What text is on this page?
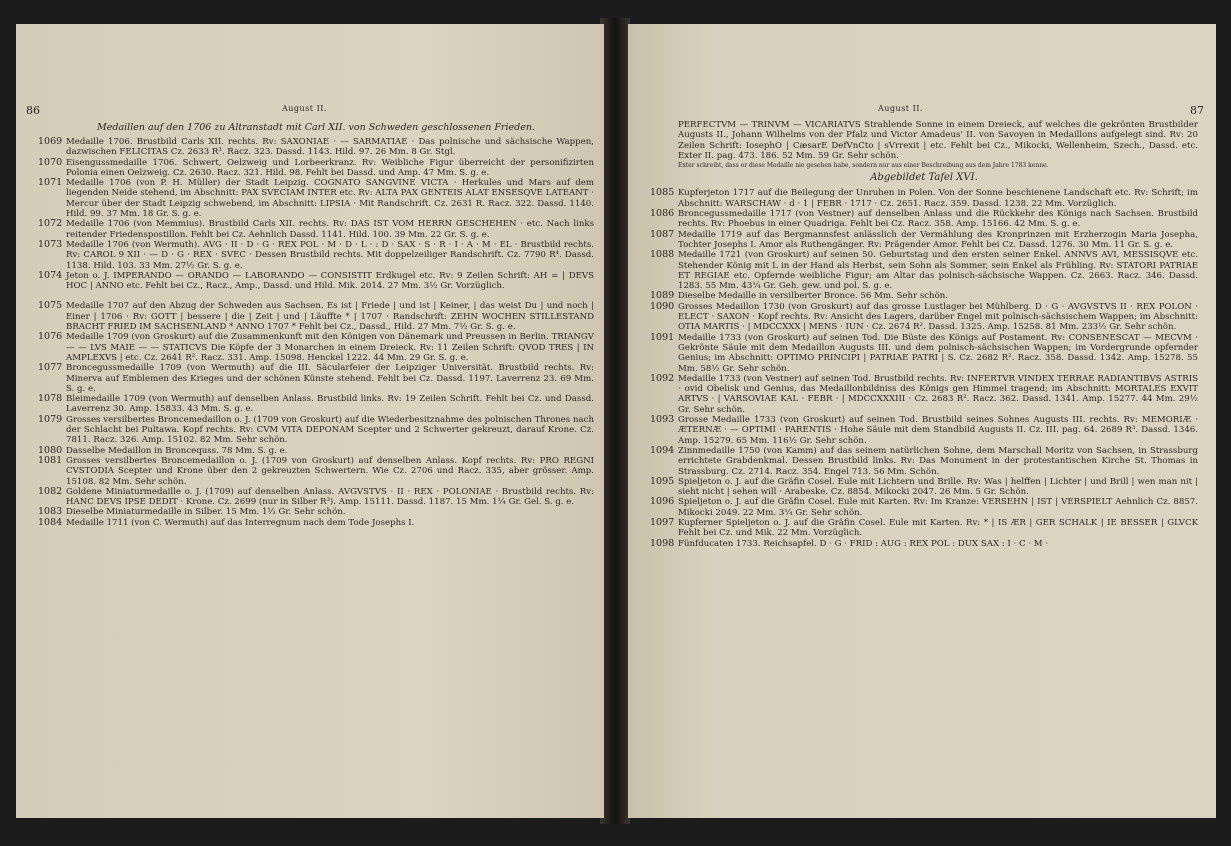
86	August II.
Medaillen auf den 1706 zu Altranstadt mit Carl XII. von Schweden geschlossenen Frieden.

1069 Medaille 1706. Brustbild Carls XII. rechts. Rv: SAXONIAE · — SARMATIAE · Das polnische und sächsische Wappen, dazwischen FELICITAS Cz. 2633 R³. Racz. 323. Dassd. 1143. Hild. 97. 26 Mm. 8 Gr. Stgl.

1070 Eisengussmedaille 1706. Schwert, Oelzweig und Lorbeerkranz. Rv: Weibliche Figur überreicht der personifizirten Polonia einen Oelzweig. Cz. 2630. Racz. 321. Hild. 98. Fehlt bei Dassd. und Amp. 47 Mm. S. g. e.

1071 Medaille 1706 (von P. H. Müller) der Stadt Leipzig. COGNATO SANGVINE VICTA · Herkules und Mars auf dem liegenden Neide stehend, im Abschnitt: PAX SVECIAM INTER etc. Rv: ALTA PAX GENTEIS ALAT ENSESQVE LATEANT · Mercur über der Stadt Leipzig schwebend, im Abschnitt: LIPSIA · Mit Randschrift. Cz. 2631 R. Racz. 322. Dassd. 1140. Hild. 99. 37 Mm. 18 Gr. S. g. e.

1072 Medaille 1706 (von Memmius). Brustbild Carls XII. rechts. Rv: DAS IST VOM HERRN GESCHEHEN · etc. Nach links reitender Friedenspostillon. Fehlt bei Cz. Aehnlich Dassd. 1141. Hild. 100. 39 Mm. 22 Gr. S. g. e.

1073 Medaille 1706 (von Wermuth). AVG · II · D · G · REX POL · M · D · L · : D · SAX · S · R · I · A · M · EL · Brustbild rechts. Rv: CAROL 9 XII · — D · G · REX · SVEC · Dessen Brustbild rechts. Mit doppelzeiliger Randschrift. Cz. 7790 R⁴. Dassd. 1138. Hild. 103. 33 Mm. 27½ Gr. S. g. e.

1074 Jeton o. J. IMPERANDO — ORANDO — LABORANDO — CONSISTIT Erdkugel etc. Rv: 9 Zeilen Schrift: AH = | DEVS HOC | ANNO etc. Fehlt bei Cz., Racz., Amp., Dassd. und Hild. Mik. 2014. 27 Mm. 3½ Gr. Vorzüglich.

1075 Medaille 1707 auf den Abzug der Schweden aus Sachsen. Es ist | Friede | und ist | Keiner, | das weist Du | und noch | Einer | 1706 · Rv: GOTT | bessere | die | Zeit | und | Läuffte * | 1707 · Randschrift: ZEHN WOCHEN STILLESTAND BRACHT FRIED IM SACHSENLAND * ANNO 1707 * Fehlt bei Cz., Dassd., Hild. 27 Mm. 7½ Gr. S. g. e.

1076 Medaille 1709 (von Groskurt) auf die Zusammenkunft mit den Königen von Dänemark und Preussen in Berlin. TRIANGV — — LVS MAIE — — STATICVS Die Köpfe der 3 Monarchen in einem Dreieck. Rv: 11 Zeilen Schrift: QVOD TRES | IN AMPLEXVS | etc. Cz. 2641 R². Racz. 331. Amp. 15098. Henckel 1222. 44 Mm. 29 Gr. S. g. e.

1077 Broncegussmedaille 1709 (von Wermuth) auf die III. Säcularfeier der Leipziger Universität. Brustbild rechts. Rv: Minerva auf Emblemen des Krieges und der schönen Künste stehend. Fehlt bei Cz. Dassd. 1197. Laverrenz 23. 69 Mm. S. g. e.

1078 Bleimedaille 1709 (von Wermuth) auf denselben Anlass. Brustbild links. Rv: 19 Zeilen Schrift. Fehlt bei Cz. und Dassd. Laverrenz 30. Amp. 15833. 43 Mm. S. g. e.

1079 Grosses versilbertes Broncemedaillon o. J. (1709 von Groskurt) auf die Wiederbesitznahme des polnischen Thrones nach der Schlacht bei Pultawa. Kopf rechts. Rv: CVM VITA DEPONAM Scepter und 2 Schwerter gekreuzt, darauf Krone. Cz. 7811. Racz. 326. Amp. 15102. 82 Mm. Sehr schön.

1080 Dasselbe Medaillon in Broncequss. 78 Mm. S. g. e.

1081 Grosses versilbertes Broncemedaillon o. J. (1709 von Groskurt) auf denselben Anlass. Kopf rechts. Rv: PRO REGNI CVSTODIA Scepter und Krone über den 2 gekreuzten Schwertern. Wie Cz. 2706 und Racz. 335, aber grösser. Amp. 15108. 82 Mm. Sehr schön.

1082 Goldene Miniaturmedaille o. J. (1709) auf denselben Anlass. AVGVSTVS · II · REX · POLONIAE · Brustbild rechts. Rv: HANC DEVS IPSE DEDIT · Krone. Cz. 2699 (nur in Silber R³). Amp. 15111. Dassd. 1187. 15 Mm. 1¼ Gr. Gel. S. g. e.

1083 Dieselbe Miniaturmedaille in Silber. 15 Mm. 1⅓ Gr. Sehr schön.

1084 Medaille 1711 (von C. Wermuth) auf das Interregnum nach dem Tode Josephs I.

87
August II.

PERFECTVM — TRINVM — VICARIATVS Strahlende Sonne in einem Dreieck, auf welches die gekrönten Brustbilder Augusts II., Johann Wilhelms von der Pfalz und Victor Amadeus' II. von Savoyen in Medaillons aufgelegt sind. Rv: 20 Zeilen Schrift: IosephO | CæsarE DefVnCto | sVrrexit | etc. Fehlt bei Cz., Mikocki, Wellenheim, Szech., Dassd. etc. Exter II. pag. 473. 186. 52 Mm. 59 Gr. Sehr schön.

Exter schreibt, dass er diese Medaille nie gesehen habe, sondern nur aus einer Beschreibung aus dem Jahre 1783 kenne.
Abgebildet Tafel XVI.

1085 Kupferjeton 1717 auf die Beilegung der Unruhen in Polen. Von der Sonne beschienene Landschaft etc. Rv: Schrift; im Abschnitt: WARSCHAW · d · 1 | FEBR · 1717 · Cz. 2651. Racz. 359. Dassd. 1238. 22 Mm. Vorzüglich.

1086 Broncegussmedaille 1717 (von Vestner) auf denselben Anlass und die Rückkehr des Königs nach Sachsen. Brustbild rechts. Rv: Phoebus in einer Quadriga. Fehlt bei Cz. Racz. 358. Amp. 15166. 42 Mm. S. g. e.

1087 Medaille 1719 auf das Bergmannsfest anlässlich der Vermählung des Kronprinzen mit Erzherzogin Maria Josepha, Tochter Josephs I. Amor als Ruthengänger. Rv: Prägender Amor. Fehlt bei Cz. Dassd. 1276. 30 Mm. 11 Gr. S. g. e.

1088 Medaille 1721 (von Groskurt) auf seinen 50. Geburtstag und den ersten seiner Enkel. ANNVS AVI, MESSISQVE etc. Stehender König mit L in der Hand als Herbst, sein Sohn als Sommer, sein Enkel als Frühling. Rv: STATORI PATRIAE ET REGIAE etc. Opfernde weibliche Figur; am Altar das polnisch-sächsische Wappen. Cz. 2663. Racz. 346. Dassd. 1283. 55 Mm. 43¼ Gr. Geh. gew. und pol. S. g. e.

1089 Dieselbe Medaille in versilberter Bronce. 56 Mm. Sehr schön.

1090 Grosses Medaillon 1730 (von Groskurt) auf das grosse Lustlager bei Mühlberg. D · G · AVGVSTVS II · REX POLON · ELECT · SAXON · Kopf rechts. Rv: Ansicht des Lagers, darüber Engel mit polnisch-sächsischem Wappen; im Abschnitt: OTIA MARTIS · | MDCCXXX | MENS · IUN · Cz. 2674 R². Dassd. 1325. Amp. 15258. 81 Mm. 233½ Gr. Sehr schön.

1091 Medaille 1733 (von Groskurt) auf seinen Tod. Die Büste des Königs auf Postament. Rv: CONSENESCAT — MECVM · Gekrönte Säule mit dem Medaillon Augusts III. und dem polnisch-sächsischen Wappen; im Vordergrunde opfernder Genius; im Abschnitt: OPTIMO PRINCIPI | PATRIAE PATRI | S. Cz. 2682 R². Racz. 358. Dassd. 1342. Amp. 15278. 55 Mm. 58½ Gr. Sehr schön.

1092 Medaille 1733 (von Vestner) auf seinen Tod. Brustbild rechts. Rv: INFERTVR VINDEX TERRAE RADIANTIBVS ASTRIS · ovid Obelisk und Genius, das Medaillonbildniss des Königs gen Himmel tragend; im Abschnitt: MORTALES EXVIT ARTVS · | VARSOVIAE KAL · FEBR · | MDCCXXXIII · Cz. 2683 R². Racz. 362. Dassd. 1341. Amp. 15277. 44 Mm. 29½ Gr. Sehr schön.

1093 Grosse Medaille 1733 (von Groskurt) auf seinen Tod. Brustbild seines Sohnes Augusts III. rechts. Rv: MEMORIÆ · ÆTERNÆ · — OPTIMI · PARENTIS · Hohe Säule mit dem Standbild Augusts II. Cz. III. pag. 64. 2689 R³. Dassd. 1346. Amp. 15279. 65 Mm. 116½ Gr. Sehr schön.

1094 Zinnmedaille 1750 (von Kamm) auf das seinem natürlichen Sohne, dem Marschall Moritz von Sachsen, in Strassburg errichtete Grabdenkmal. Dessen Brustbild links. Rv: Das Monument in der protestantischen Kirche St. Thomas in Strassburg. Cz. 2714. Racz. 354. Engel 713. 56 Mm. Schön.

1095 Spieljeton o. J. auf die Gräfin Cosel. Eule mit Lichtern und Brille. Rv: Was | helffen | Lichter | und Brill | wen man nit | sieht nicht | sehen will · Arabeske. Cz. 8854. Mikocki 2047. 26 Mm. 5 Gr. Schön.

1096 Spieljeton o. J. auf die Gräfin Cosel. Eule mit Karten. Rv: Im Kranze: VERSEHN | IST | VERSPIELT Aehnlich Cz. 8857. Mikocki 2049. 22 Mm. 3¼ Gr. Sehr schön.

1097 Kupferner Spieljeton o. J. auf die Gräfin Cosel. Eule mit Karten. Rv: * | IS ÆR | GER SCHALK | IE BESSER | GLVCK Fehlt bei Cz. und Mik. 22 Mm. Vorzüglich.

1098 Fünfducaten 1733. Reichsapfel. D · G · FRID : AUG : REX POL : DUX SAX : I · C · M ·
